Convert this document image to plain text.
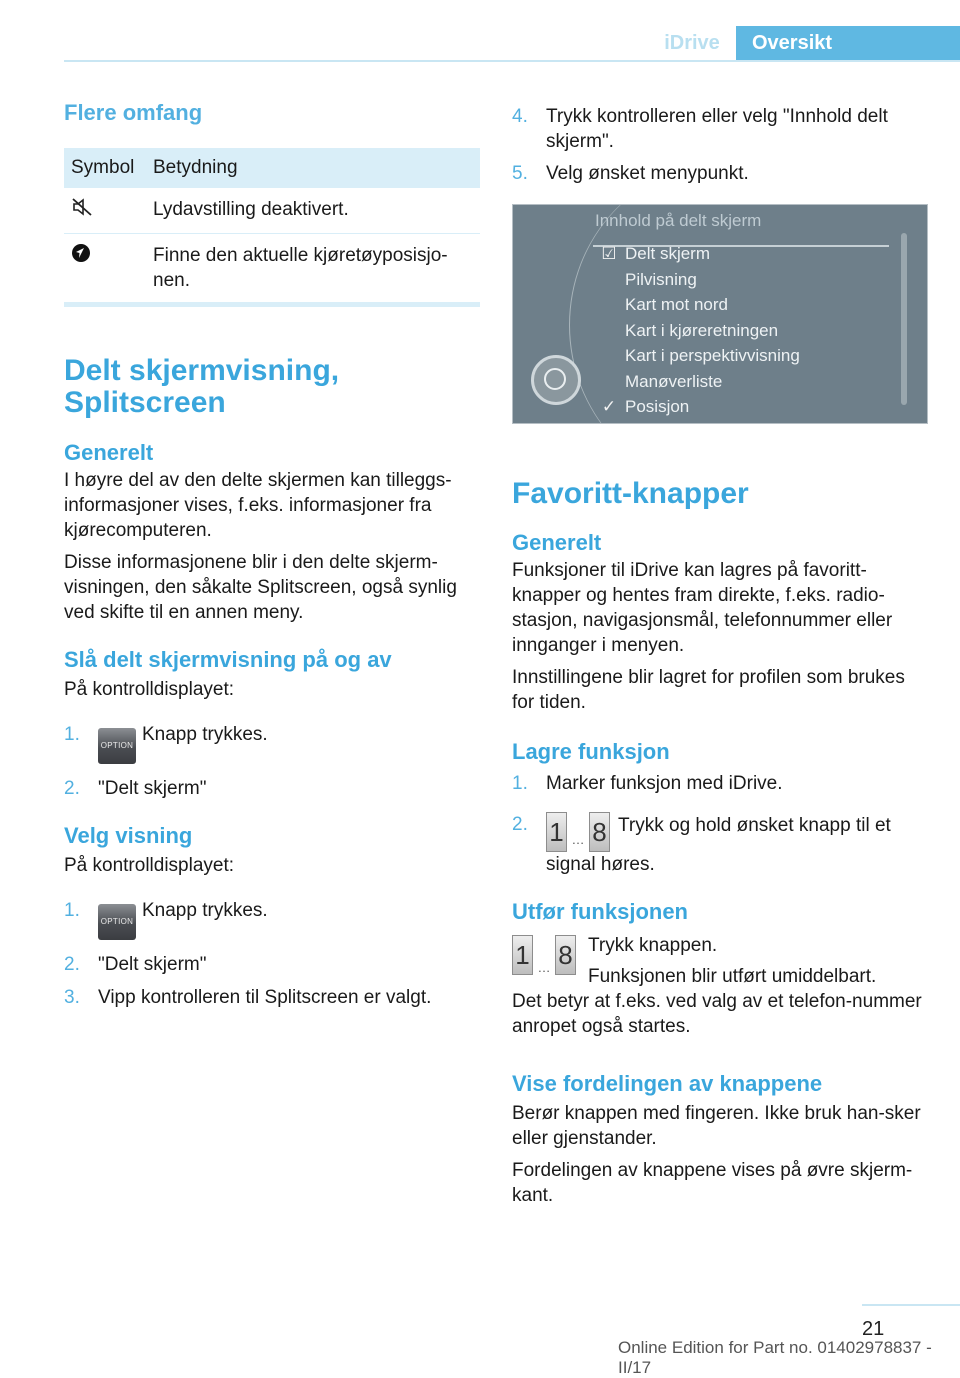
iDrive	Oversikt
Flere omfang
Symbol	Betydning
	Lydavstilling deaktivert.
	Finne den aktuelle kjøretøyposisjo-nen.
Delt skjermvisning, Splitscreen
Generelt

I høyre del av den delte skjermen kan tilleggs-informasjoner vises, f.eks. informasjoner fra kjørecomputeren.

Disse informasjonene blir i den delte skjerm-visningen, den såkalte Splitscreen, også synlig ved skifte til en annen meny.

Slå delt skjermvisning på og av

På kontrolldisplayet:

1.
OPTIONKnapp trykkes.
2. "Delt skjerm"
Velg visning

På kontrolldisplayet:

1.
OPTIONKnapp trykkes.
2. "Delt skjerm"
3. Vipp kontrolleren til Splitscreen er valgt.
4. Trykk kontrolleren eller velg "Innhold delt skjerm".
5. Velg ønsket menypunkt.
Innhold på delt skjerm
☑ Delt skjerm
Pilvisning
Kart mot nord
Kart i kjøreretningen
Kart i perspektivvisning
Manøverliste
✓ Posisjon
Favoritt-knapper
Generelt

Funksjoner til iDrive kan lagres på favoritt-knapper og hentes fram direkte, f.eks. radio-stasjon, navigasjonsmål, telefonnummer eller innganger i menyen.

Innstillingene blir lagret for profilen som brukes for tiden.

Lagre funksjon
1. Marker funksjon med iDrive.
2. 1 … 8 Trykk og hold ønsket knapp til et signal høres.
Utfør funksjonen
1 … 8 Trykk knappen.

Funksjonen blir utført umiddelbart.

Det betyr at f.eks. ved valg av et telefon-nummer anropet også startes.

Vise fordelingen av knappene

Berør knappen med fingeren. Ikke bruk han-sker eller gjenstander.

Fordelingen av knappene vises på øvre skjerm-kant.

21
Online Edition for Part no. 01402978837 - II/17
